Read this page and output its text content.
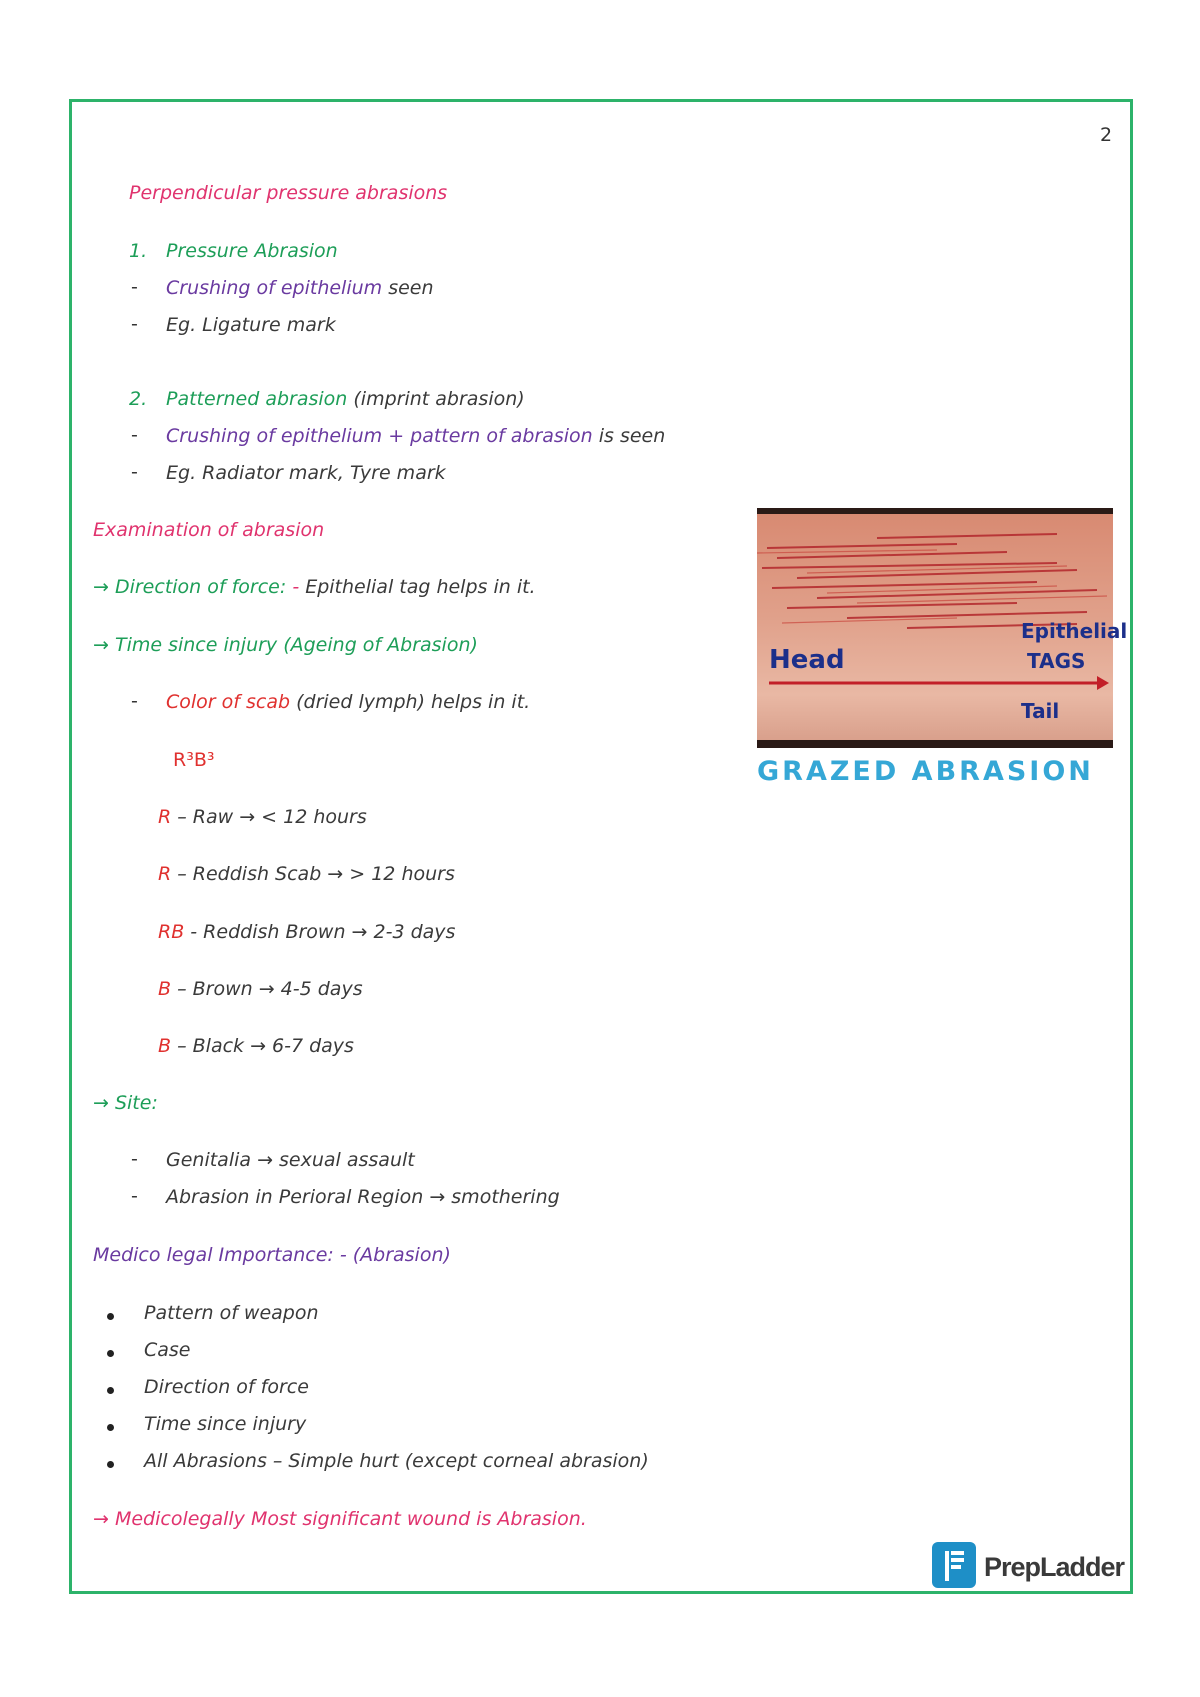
2
Perpendicular pressure abrasions
1. Pressure Abrasion
- Crushing of epithelium seen
- Eg. Ligature mark
2. Patterned abrasion (imprint abrasion)
- Crushing of epithelium + pattern of abrasion is seen
- Eg. Radiator mark, Tyre mark
Examination of abrasion
→ Direction of force: - Epithelial tag helps in it.
→ Time since injury (Ageing of Abrasion)
- Color of scab (dried lymph) helps in it.
R³B³
R – Raw → < 12 hours
R – Reddish Scab → > 12 hours
RB - Reddish Brown → 2-3 days
B – Brown → 4-5 days
B – Black → 6-7 days
→ Site:
- Genitalia → sexual assault
- Abrasion in Perioral Region → smothering
Medico legal Importance: - (Abrasion)
Pattern of weapon
Case
Direction of force
Time since injury
All Abrasions – Simple hurt (except corneal abrasion)
→ Medicolegally Most significant wound is Abrasion.
Head
Epithelial
TAGS
Tail
GRAZED ABRASION
PrepLadder
